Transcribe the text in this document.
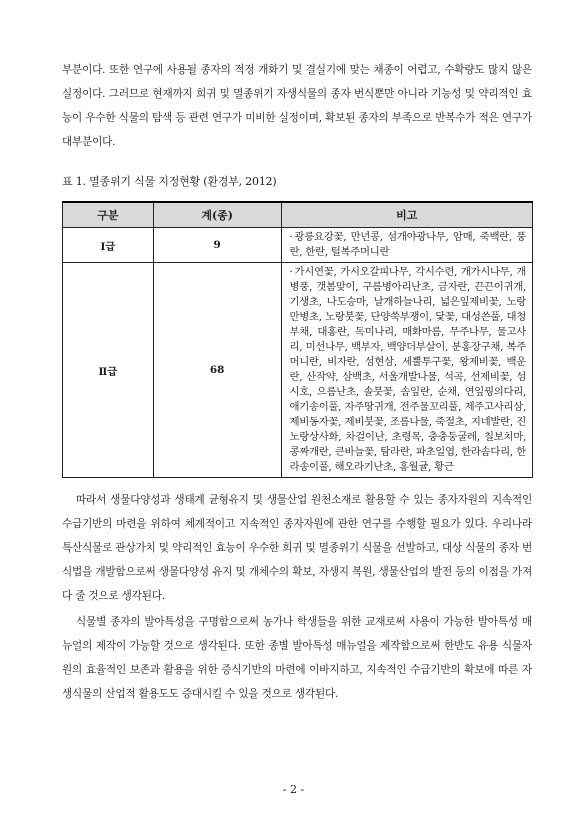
부분이다. 또한 연구에 사용될 종자의 적정 개화기 및 결실기에 맞는 채종이 어렵고, 수확량도 많지 않은 실정이다. 그러므로 현재까지 희귀 및 멸종위기 자생식물의 종자 번식뿐만 아니라 기능성 및 약리적인 효능이 우수한 식물의 탐색 등 관련 연구가 미비한 실정이며, 확보된 종자의 부족으로 반복수가 적은 연구가 대부분이다.

표 1. 멸종위기 식물 지정현황 (환경부, 2012)
구분	계(종)	비고
Ⅰ급	9	· 광릉요강꽃, 만년콩, 섬개야광나무, 암매, 죽백란, 풍란, 한란, 털복주머니란
Ⅱ급	68	· 가시연꽃, 가시오갈피나무, 각시수련, 개가시나무, 개병풍, 갯봄맞이, 구름병아리난초, 금자란, 끈끈이귀개, 기생초, 나도승마, 날개하늘나리, 넓은잎제비꽃, 노랑만병초, 노랑붓꽃, 단양쑥부쟁이, 닻꽃, 대성쓴풀, 대청부채, 대홍란, 독미나리, 매화마름, 무주나무, 물고사리, 미선나무, 백부자, 백양더부살이, 분홍장구채, 복주머니란, 비자란, 섬현삼, 세뿔투구꽃, 왕제비꽃, 백운란, 산작약, 삼백초, 서울개발나물, 석곡, 선제비꽃, 섬시호, 으름난초, 솔붓꽃, 솜잎란, 순채, 연잎꿩의다리, 애기송이풀, 자주땅귀개, 전주물꼬리풀, 제주고사리삼, 제비동자꽃, 제비붓꽃, 조름나물, 죽절초, 지네발란, 진노랑상사화, 차걸이난, 초령목, 충충둥굴레, 칠보치마, 콩짜개란, 큰바늘꽃, 탐라란, 파초일엽, 한라솜다리, 한라송이풀, 해오라기난초, 홍월귤, 황근

따라서 생물다양성과 생태계 균형유지 및 생물산업 원천소재로 활용할 수 있는 종자자원의 지속적인 수급기반의 마련을 위하여 체계적이고 지속적인 종자자원에 관한 연구를 수행할 필요가 있다. 우리나라 특산식물로 관상가치 및 약리적인 효능이 우수한 희귀 및 멸종위기 식물을 선발하고, 대상 식물의 종자 번식법을 개발함으로써 생물다양성 유지 및 개체수의 확보, 자생지 복원, 생물산업의 발전 등의 이점을 가져다 줄 것으로 생각된다.

식물별 종자의 발아특성을 구명함으로써 농가나 학생들을 위한 교재로써 사용이 가능한 발아특성 매뉴얼의 제작이 가능할 것으로 생각된다. 또한 종별 발아특성 매뉴얼을 제작함으로써 한반도 유용 식물자원의 효율적인 보존과 활용을 위한 증식기반의 마련에 이바지하고, 지속적인 수급기반의 확보에 따른 자생식물의 산업적 활용도도 증대시킬 수 있을 것으로 생각된다.

- 2 -
